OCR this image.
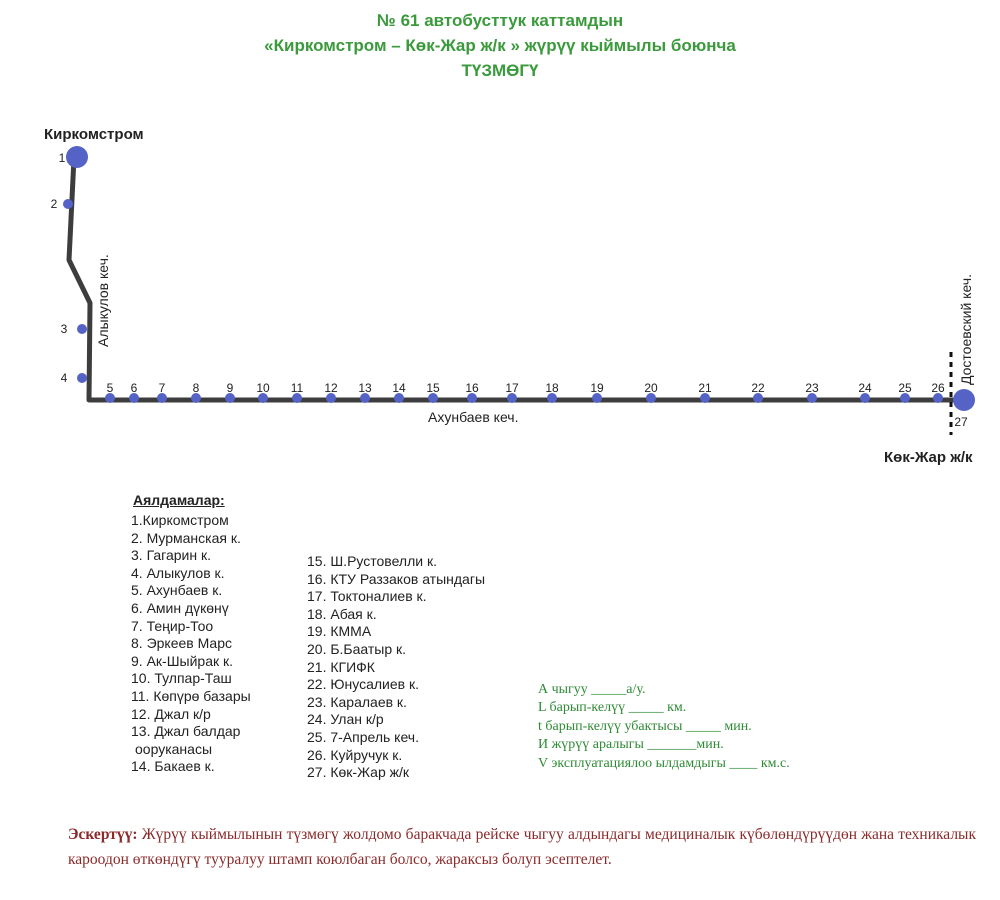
№ 61 автобусттук каттамдын
«Киркомстром – Көк-Жар ж/к » жүрүү кыймылы боюнча
ТҮЗМӨГҮ
1
2
3
4
5 6 7 8 9 10 11 12 13 14 15 16 17 18	19	20	21	22	23	24 25 26
27
Киркомстром
Көк-Жар ж/к
Алыкулов кеч.
Ахунбаев кеч.
Достоевский кеч.
Аялдамалар:
1.Киркомстром
2. Мурманская к.
3. Гагарин к.
4. Алыкулов к.
5. Ахунбаев к.
6. Амин дүкөнү
7. Теңир-Тоо
8. Эркеев Марс
9. Ак-Шыйрак к.
10. Тулпар-Таш
11. Көпүрө базары
12. Джал к/р
13. Джал балдар
ооруканасы
14. Бакаев к.
15. Ш.Рустовелли к.
16. КТУ Раззаков атындагы
17. Токтоналиев к.
18. Абая к.
19. КММА
20. Б.Баатыр к.
21. КГИФК
22. Юнусалиев к.
23. Каралаев к.
24. Улан к/р
25. 7-Апрель кеч.
26. Куйручук к.
27. Көк-Жар ж/к
А чыгуу _____а/у.
L барып-келүү _____ км.
t барып-келүү убактысы _____ мин.
И жүрүү аралыгы _______мин.
V эксплуатациялоо ылдамдыгы ____ км.с.
Эскертүү: Жүрүү кыймылынын түзмөгү жолдомо баракчада рейске чыгуу алдындагы медициналык күбөлөндүрүүдөн жана техникалык кароодон өткөндүгү тууралуу штамп коюлбаган болсо, жараксыз болуп эсептелет.
